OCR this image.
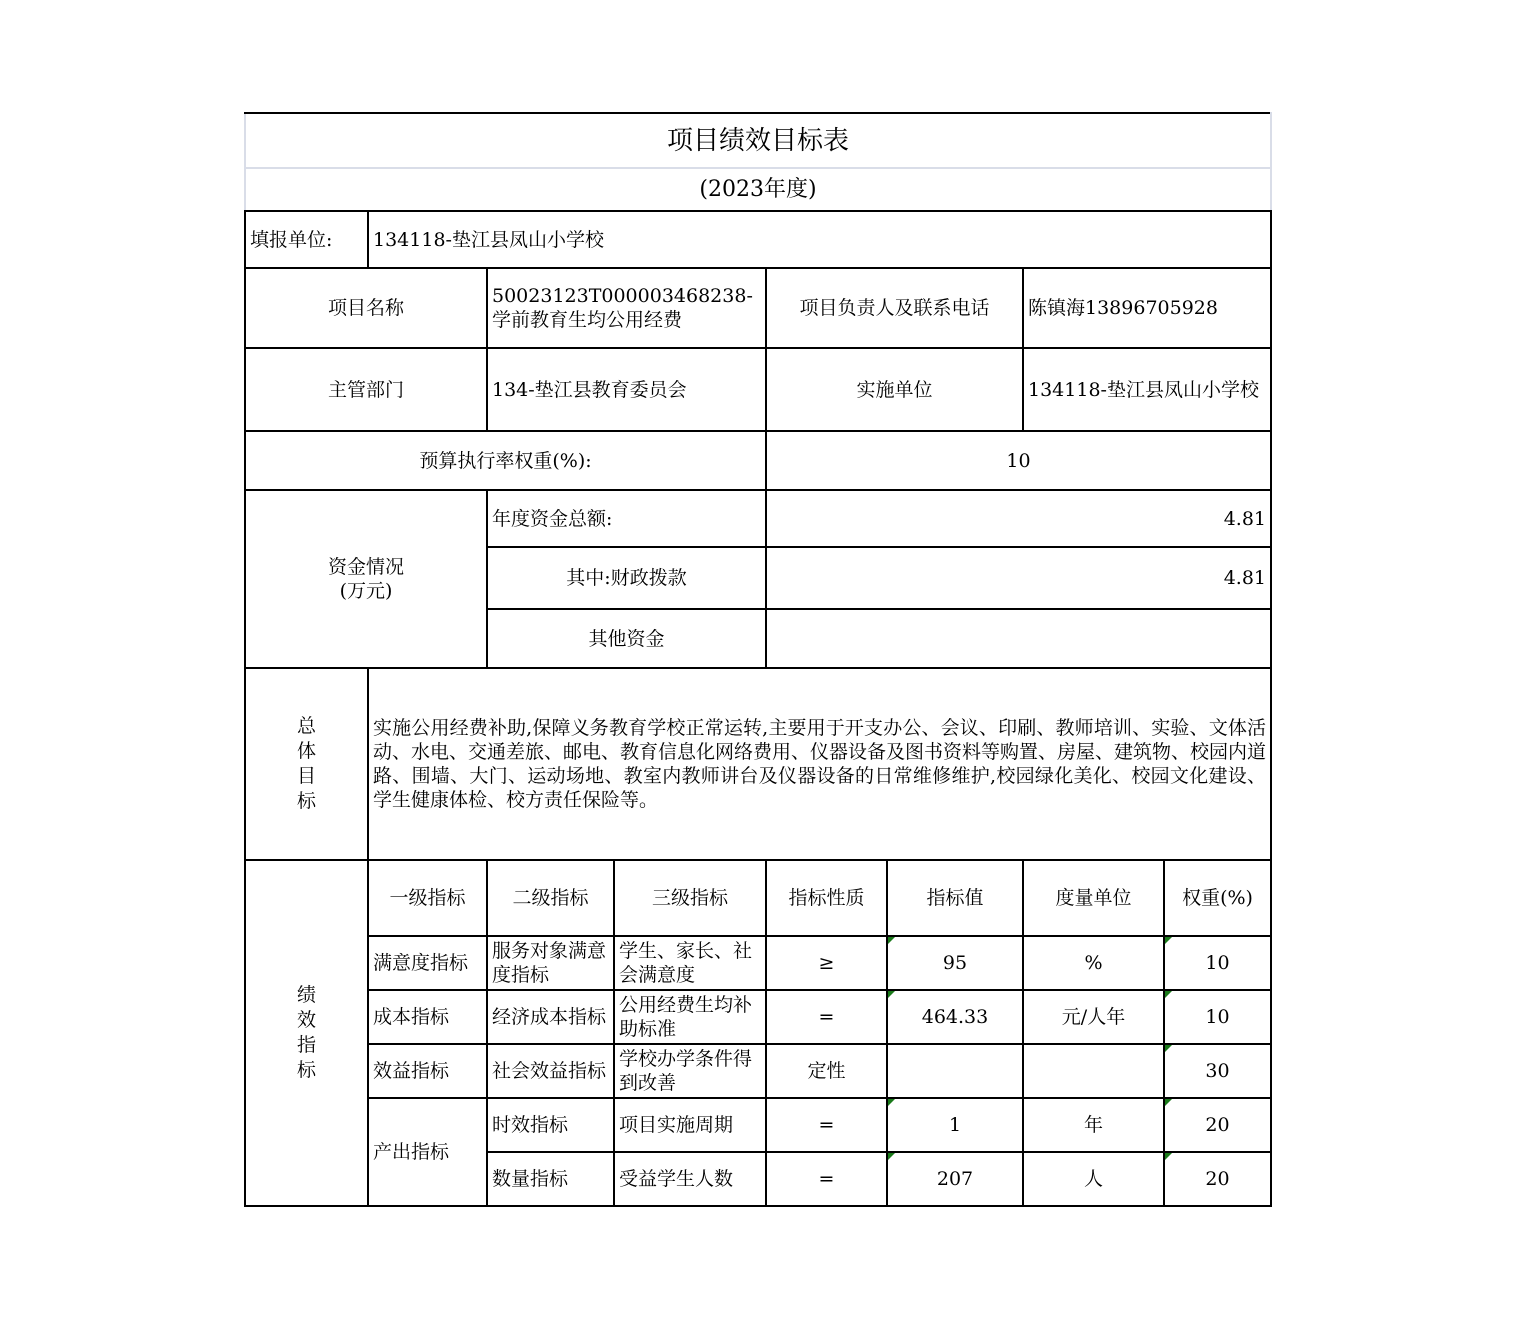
项目绩效目标表							
(2023年度)							
填报单位:	134118-垫江县凤山小学校						
项目名称		50023123T000003468238-学前教育生均公用经费		项目负责人及联系电话		陈镇海13896705928	
主管部门		134-垫江县教育委员会		实施单位		134118-垫江县凤山小学校	
预算执行率权重(%):				10			
资金情况
(万元)		年度资金总额:		4.81			
		其中:财政拨款		4.81			
		其他资金					
总体目标	实施公用经费补助,保障义务教育学校正常运转,主要用于开支办公、会议、印刷、教师培训、实验、文体活动、水电、交通差旅、邮电、教育信息化网络费用、仪器设备及图书资料等购置、房屋、建筑物、校园内道路、围墙、大门、运动场地、教室内教师讲台及仪器设备的日常维修维护,校园绿化美化、校园文化建设、学生健康体检、校方责任保险等。						
绩效指标	一级指标	二级指标	三级指标	指标性质	指标值	度量单位	权重(%)
	满意度指标	服务对象满意度指标	学生、家长、社会满意度	≥	95	%	10
	成本指标	经济成本指标	公用经费生均补助标准	=	464.33	元/人年	10
	效益指标	社会效益指标	学校办学条件得到改善	定性			30
	产出指标	时效指标	项目实施周期	=	1	年	20
		数量指标	受益学生人数	=	207	人	20
